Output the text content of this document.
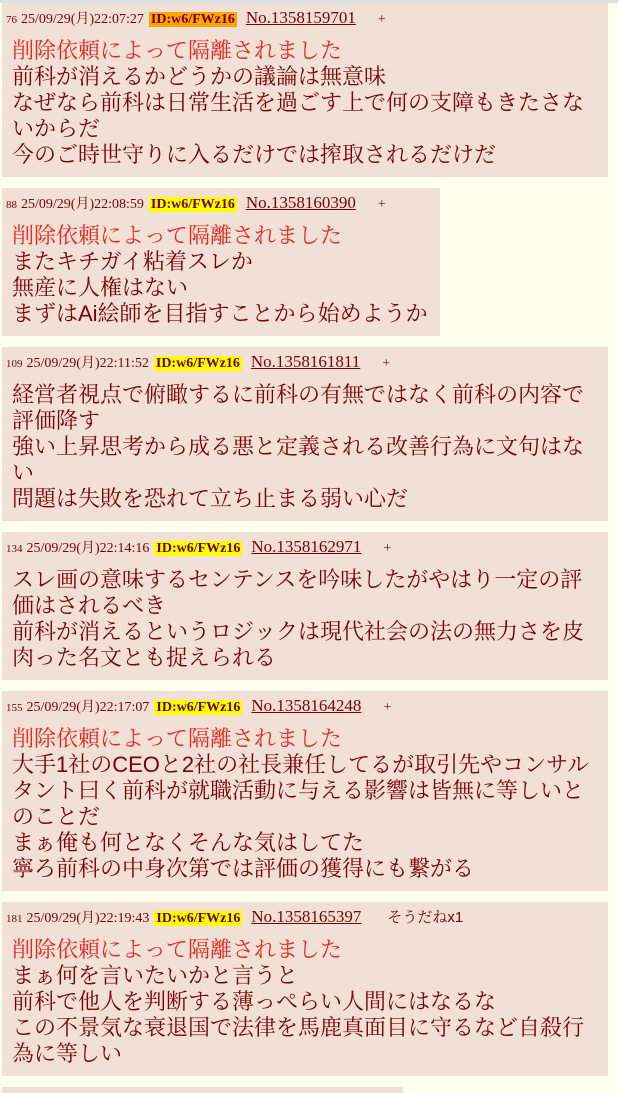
76 25/09/29(月)22:07:27 ID:w6/FWz16 No.1358159701 +
削除依頼によって隔離されました
前科が消えるかどうかの議論は無意味
なぜなら前科は日常生活を過ごす上で何の支障もきたさないからだ
今のご時世守りに入るだけでは搾取されるだけだ
88 25/09/29(月)22:08:59 ID:w6/FWz16 No.1358160390 +
削除依頼によって隔離されました
またキチガイ粘着スレか
無産に人権はない
まずはAi絵師を目指すことから始めようか
109 25/09/29(月)22:11:52 ID:w6/FWz16 No.1358161811 +
経営者視点で俯瞰するに前科の有無ではなく前科の内容で評価降す
強い上昇思考から成る悪と定義される改善行為に文句はない
問題は失敗を恐れて立ち止まる弱い心だ
134 25/09/29(月)22:14:16 ID:w6/FWz16 No.1358162971 +
スレ画の意味するセンテンスを吟味したがやはり一定の評価はされるべき
前科が消えるというロジックは現代社会の法の無力さを皮肉った名文とも捉えられる
155 25/09/29(月)22:17:07 ID:w6/FWz16 No.1358164248 +
削除依頼によって隔離されました
大手1社のCEOと2社の社長兼任してるが取引先やコンサルタント曰く前科が就職活動に与える影響は皆無に等しいとのことだ
まぁ俺も何となくそんな気はしてた
寧ろ前科の中身次第では評価の獲得にも繋がる
181 25/09/29(月)22:19:43 ID:w6/FWz16 No.1358165397 そうだねx1
削除依頼によって隔離されました
まぁ何を言いたいかと言うと
前科で他人を判断する薄っぺらい人間にはなるな
この不景気な衰退国で法律を馬鹿真面目に守るなど自殺行為に等しい
